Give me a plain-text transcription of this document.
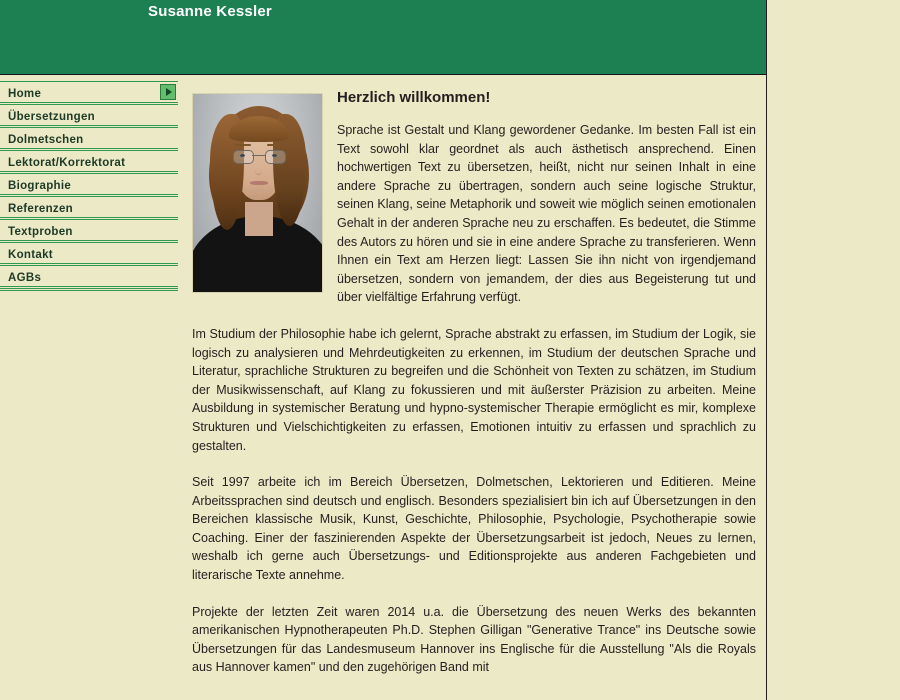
Susanne Kessler
Home
Übersetzungen
Dolmetschen
Lektorat/Korrektorat
Biographie
Referenzen
Textproben
Kontakt
AGBs
Herzlich willkommen!

Sprache ist Gestalt und Klang gewordener Gedanke. Im besten Fall ist ein Text sowohl klar geordnet als auch ästhetisch ansprechend. Einen hochwertigen Text zu übersetzen, heißt, nicht nur seinen Inhalt in eine andere Sprache zu übertragen, sondern auch seine logische Struktur, seinen Klang, seine Metaphorik und soweit wie möglich seinen emotionalen Gehalt in der anderen Sprache neu zu erschaffen. Es bedeutet, die Stimme des Autors zu hören und sie in eine andere Sprache zu transferieren. Wenn Ihnen ein Text am Herzen liegt: Lassen Sie ihn nicht von irgendjemand übersetzen, sondern von jemandem, der dies aus Begeisterung tut und über vielfältige Erfahrung verfügt.

Im Studium der Philosophie habe ich gelernt, Sprache abstrakt zu erfassen, im Studium der Logik, sie logisch zu analysieren und Mehrdeutigkeiten zu erkennen, im Studium der deutschen Sprache und Literatur, sprachliche Strukturen zu begreifen und die Schönheit von Texten zu schätzen, im Studium der Musikwissenschaft, auf Klang zu fokussieren und mit äußerster Präzision zu arbeiten. Meine Ausbildung in systemischer Beratung und hypno-systemischer Therapie ermöglicht es mir, komplexe Strukturen und Vielschichtigkeiten zu erfassen, Emotionen intuitiv zu erfassen und sprachlich zu gestalten.

Seit 1997 arbeite ich im Bereich Übersetzen, Dolmetschen, Lektorieren und Editieren. Meine Arbeitssprachen sind deutsch und englisch. Besonders spezialisiert bin ich auf Übersetzungen in den Bereichen klassische Musik, Kunst, Geschichte, Philosophie, Psychologie, Psychotherapie sowie Coaching. Einer der faszinierenden Aspekte der Übersetzungsarbeit ist jedoch, Neues zu lernen, weshalb ich gerne auch Übersetzungs- und Editionsprojekte aus anderen Fachgebieten und literarische Texte annehme.

Projekte der letzten Zeit waren 2014 u.a. die Übersetzung des neuen Werks des bekannten amerikanischen Hypnotherapeuten Ph.D. Stephen Gilligan "Generative Trance" ins Deutsche sowie Übersetzungen für das Landesmuseum Hannover ins Englische für die Ausstellung "Als die Royals aus Hannover kamen" und den zugehörigen Band mit
